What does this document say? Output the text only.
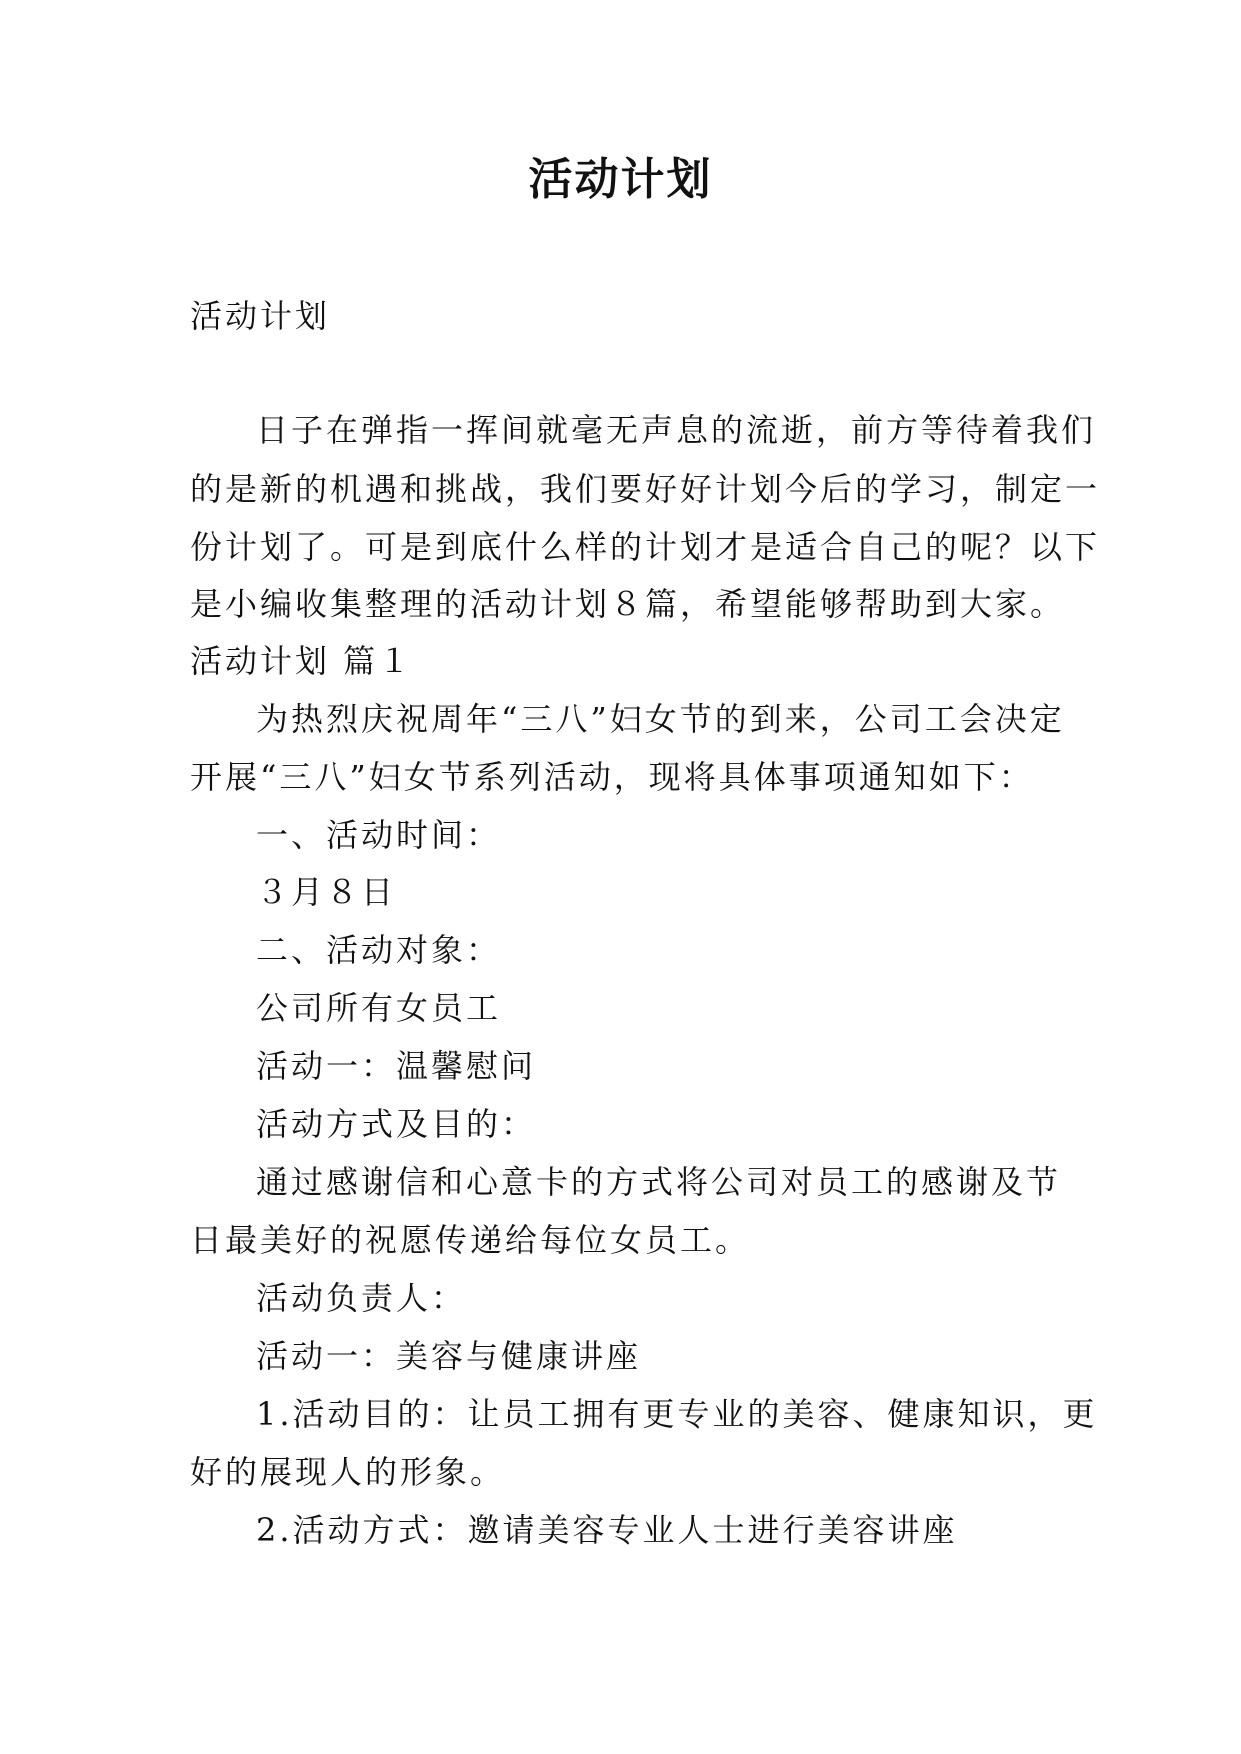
活动计划

活动计划

日子在弹指一挥间就毫无声息的流逝，前方等待着我们

的是新的机遇和挑战，我们要好好计划今后的学习，制定一

份计划了。可是到底什么样的计划才是适合自己的呢？以下

是小编收集整理的活动计划８篇，希望能够帮助到大家。

活动计划 篇１

为热烈庆祝周年“三八”妇女节的到来，公司工会决定

开展“三八”妇女节系列活动，现将具体事项通知如下：

一、活动时间：

３月８日

二、活动对象：

公司所有女员工

活动一：温馨慰问

活动方式及目的：

通过感谢信和心意卡的方式将公司对员工的感谢及节

日最美好的祝愿传递给每位女员工。

活动负责人：

活动一：美容与健康讲座

1.活动目的：让员工拥有更专业的美容、健康知识，更

好的展现人的形象。

2.活动方式：邀请美容专业人士进行美容讲座
